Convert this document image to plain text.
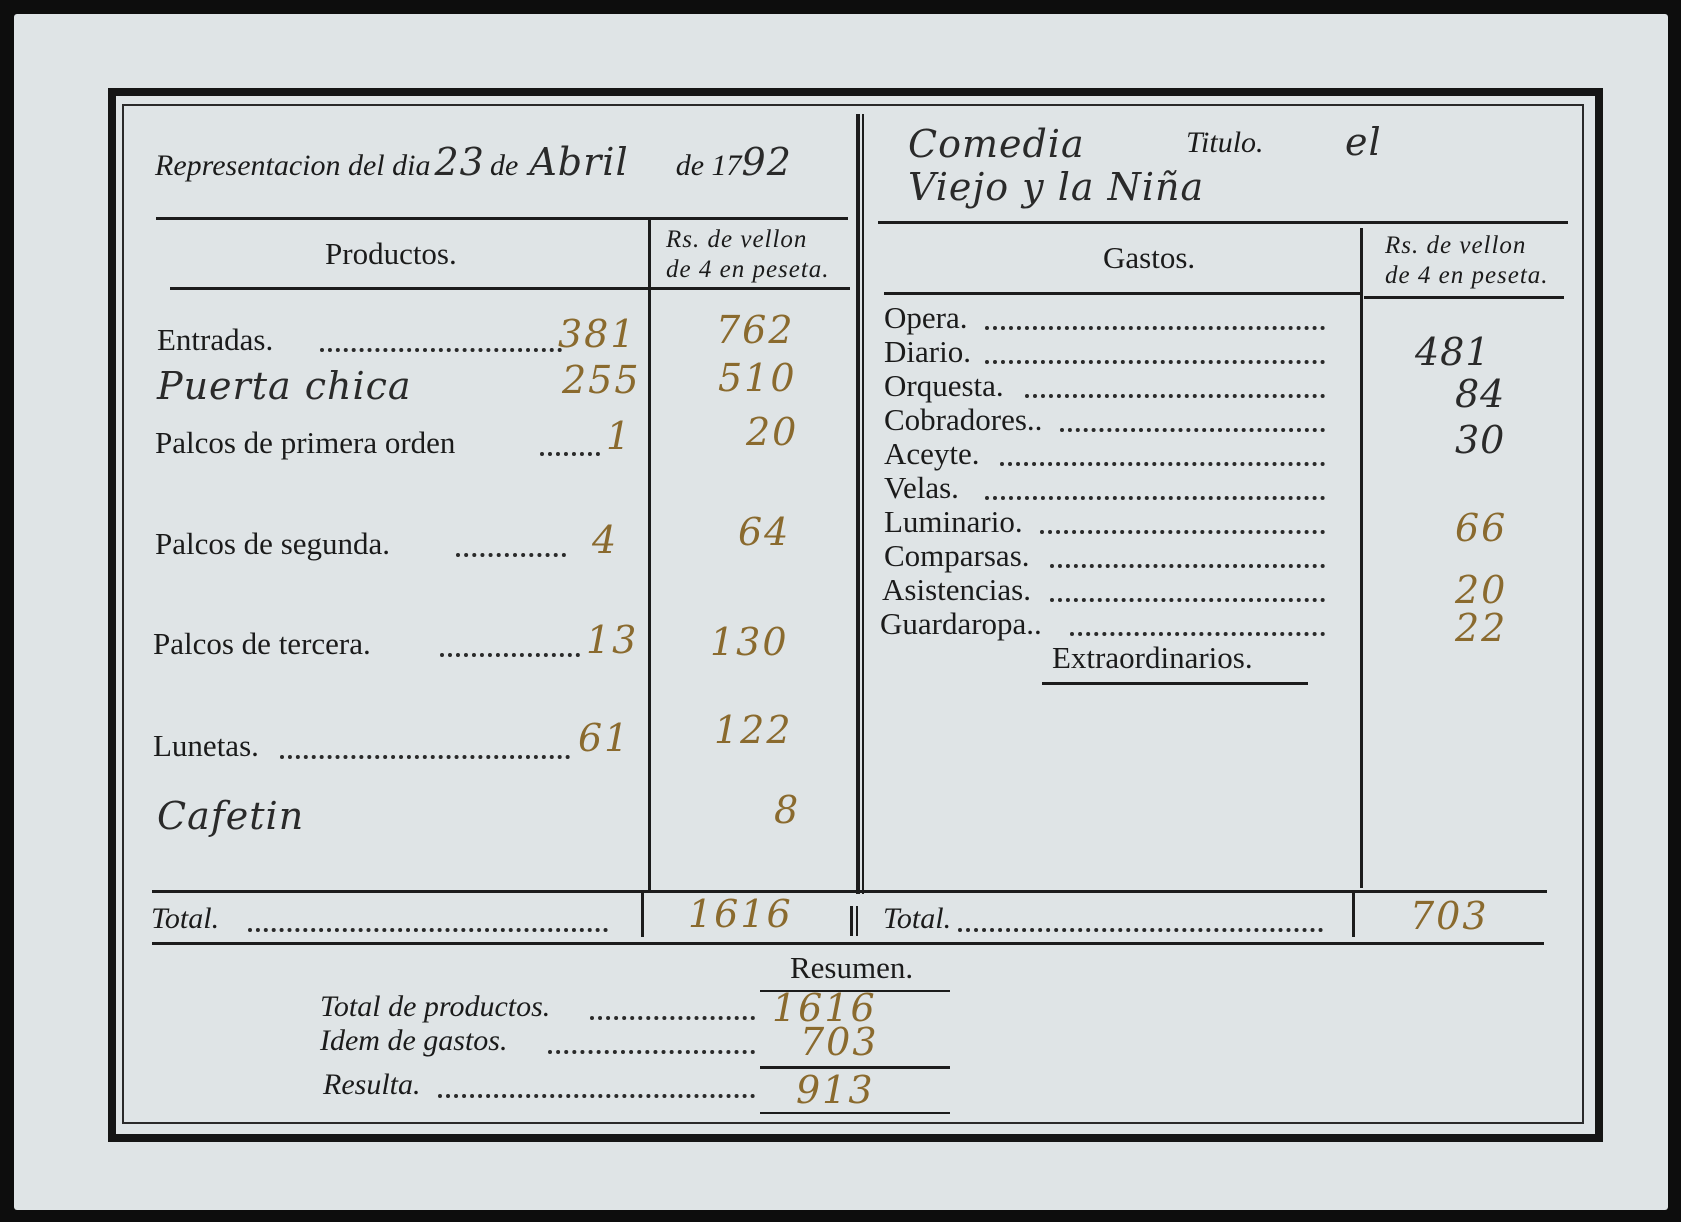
Representacion del dia 23 de Abril de 1792	Comedia	Titulo. el
Viejo y la Niña
Productos.	Rs. de vellon
de 4 en peseta.	Gastos.	Rs. de vellon
de 4 en peseta.
Entradas.	381 762
Puerta chica	255 510
Palcos de primera orden	1	20
Palcos de segunda.	4	64
Palcos de tercera.	13 130
Lunetas.	61 122
Cafetin	8
Opera.
Diario.	481
Orquesta.	84
Cobradores..	30
Aceyte.
Velas.
Luminario.	66
Comparsas.
Asistencias.	20
Guardaropa..	22
Extraordinarios.
Total.	1616	Total.	703
Resumen.
Total de productos.	1616
Idem de gastos.	703
Resulta.	913
